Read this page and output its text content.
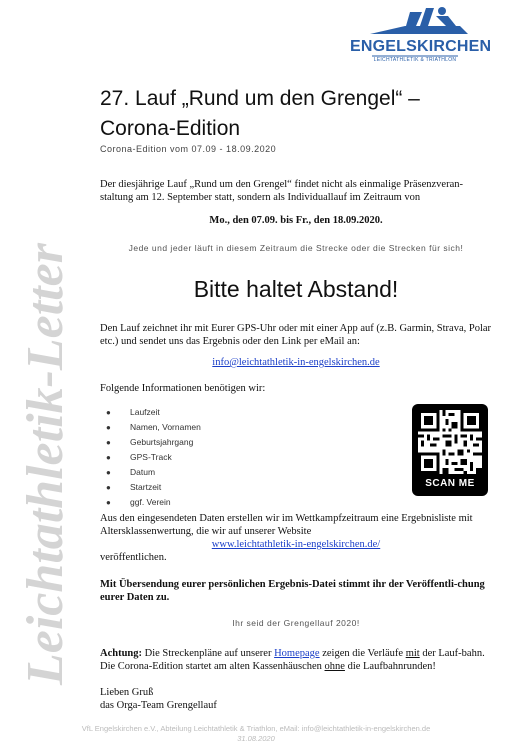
Leichtathletik-Letter
ENGELSKIRCHEN
LEICHTATHLETIK & TRIATHLON
27. Lauf „Rund um den Grengel“ – Corona-Edition
Corona-Edition vom 07.09 - 18.09.2020
Der diesjährige Lauf „Rund um den Grengel“ findet nicht als einmalige Präsenzveran-staltung am 12. September statt, sondern als Individuallauf im Zeitraum von
Mo., den 07.09. bis Fr., den 18.09.2020.
Jede und jeder läuft in diesem Zeitraum die Strecke oder die Strecken für sich!
Bitte haltet Abstand!
Den Lauf zeichnet ihr mit Eurer GPS-Uhr oder mit einer App auf (z.B. Garmin, Strava, Polar etc.) und sendet uns das Ergebnis oder den Link per eMail an:
info@leichtathletik-in-engelskirchen.de
Folgende Informationen benötigen wir:
● Laufzeit
● Namen, Vornamen
● Geburtsjahrgang
● GPS-Track
● Datum
● Startzeit
● ggf. Verein
Aus den eingesendeten Daten erstellen wir im Wettkampfzeitraum eine Ergebnisliste mit Altersklassenwertung, die wir auf unserer Website
www.leichtathletik-in-engelskirchen.de/
veröffentlichen.
Mit Übersendung eurer persönlichen Ergebnis-Datei stimmt ihr der Veröffentli-chung eurer Daten zu.
Ihr seid der Grengellauf 2020!
Achtung: Die Streckenpläne auf unserer Homepage zeigen die Verläufe mit der Lauf-bahn. Die Corona-Edition startet am alten Kassenhäuschen ohne die Laufbahnrunden!
Lieben Gruß
das Orga-Team Grengellauf
SCAN ME
VfL Engelskirchen e.V., Abteilung Leichtathletik & Triathlon, eMail: info@leichtathletik-in-engelskirchen.de
31.08.2020
